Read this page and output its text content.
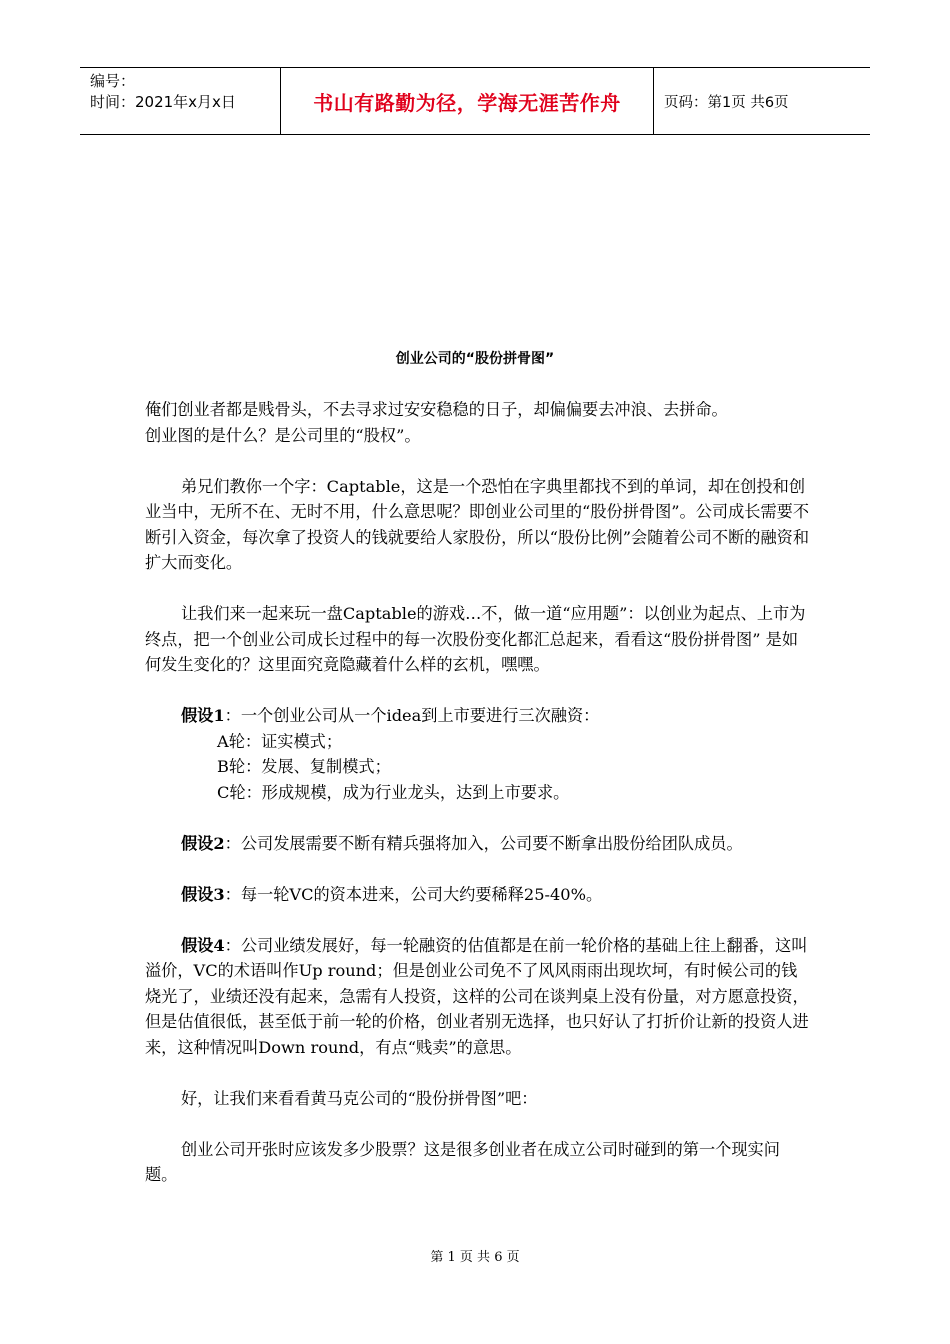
编号：
时间：2021年x月x日	书山有路勤为径，学海无涯苦作舟	页码：第1页 共6页
创业公司的“股份拼骨图”

俺们创业者都是贱骨头，不去寻求过安安稳稳的日子，却偏偏要去冲浪、去拼命。

创业图的是什么？是公司里的“股权”。

弟兄们教你一个字：Captable，这是一个恐怕在字典里都找不到的单词，却在创投和创业当中，无所不在、无时不用，什么意思呢？即创业公司里的“股份拼骨图”。公司成长需要不断引入资金，每次拿了投资人的钱就要给人家股份，所以“股份比例”会随着公司不断的融资和扩大而变化。

让我们来一起来玩一盘Captable的游戏…不，做一道“应用题”：以创业为起点、上市为终点，把一个创业公司成长过程中的每一次股份变化都汇总起来，看看这“股份拼骨图” 是如何发生变化的？这里面究竟隐藏着什么样的玄机，嘿嘿。

假设1：一个创业公司从一个idea到上市要进行三次融资：

A轮：证实模式；

B轮：发展、复制模式；

C轮：形成规模，成为行业龙头，达到上市要求。

假设2：公司发展需要不断有精兵强将加入，公司要不断拿出股份给团队成员。

假设3：每一轮VC的资本进来，公司大约要稀释25-40%。

假设4：公司业绩发展好，每一轮融资的估值都是在前一轮价格的基础上往上翻番，这叫溢价，VC的术语叫作Up round；但是创业公司免不了风风雨雨出现坎坷，有时候公司的钱烧光了，业绩还没有起来，急需有人投资，这样的公司在谈判桌上没有份量，对方愿意投资，但是估值很低，甚至低于前一轮的价格，创业者别无选择，也只好认了打折价让新的投资人进来，这种情况叫Down round，有点“贱卖”的意思。

好，让我们来看看黄马克公司的“股份拼骨图”吧：

创业公司开张时应该发多少股票？这是很多创业者在成立公司时碰到的第一个现实问题。

第 1 页 共 6 页
